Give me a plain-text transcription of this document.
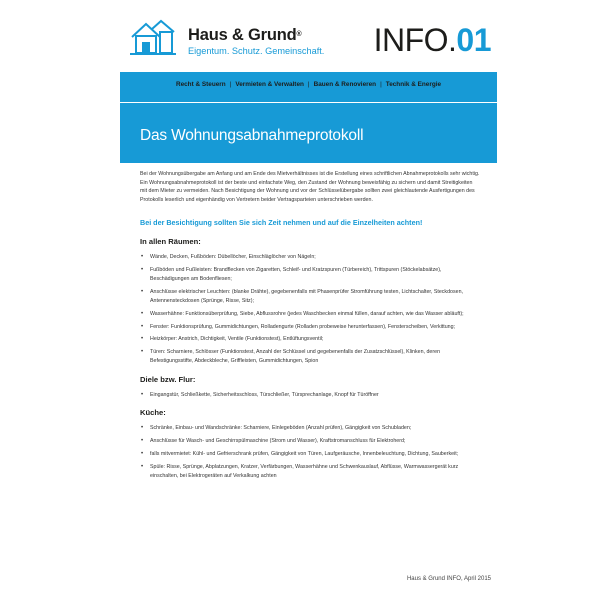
Haus & Grund®
Eigentum. Schutz. Gemeinschaft. INFO.01
Recht & Steuern | Vermieten & Verwalten | Bauen & Renovieren | Technik & Energie
Das Wohnungsabnahmeprotokoll

Bei der Wohnungsübergabe am Anfang und am Ende des Mietverhältnisses ist die Erstellung eines schriftlichen Abnahmeprotokolls sehr wichtig. Ein Wohnungsabnahmeprotokoll ist der beste und einfachste Weg, den Zustand der Wohnung beweisfähig zu sichern und damit Streitigkeiten mit dem Mieter zu vermeiden. Nach Besichtigung der Wohnung und vor der Schlüsselübergabe sollten zwei gleichlautende Ausfertigungen des Protokolls leserlich und eigenhändig von Vertretern beider Vertragsparteien unterschrieben werden.

Bei der Besichtigung sollten Sie sich Zeit nehmen und auf die Einzelheiten achten!

In allen Räumen:
• Wände, Decken, Fußböden: Dübellöcher, Einschläglöcher von Nägeln;
• Fußböden und Fußleisten: Brandflecken von Zigaretten, Schleif- und Kratzspuren (Türbereich), Trittspuren (Stöckelabsätze), Beschädigungen am Bodenfliesen;
• Anschlüsse elektrischer Leuchten: (blanke Drähte), gegebenenfalls mit Phasenprüfer Stromführung testen, Lichtschalter, Steckdosen, Antennensteckdosen (Sprünge, Risse, Sitz);
• Wasserhähne: Funktionsüberprüfung, Siebe, Abflussrohre (jedes Waschbecken einmal füllen, darauf achten, wie das Wasser abläuft);
• Fenster: Funktionsprüfung, Gummidichtungen, Rolladengurte (Rolladen probeweise herunterfassen), Fensterscheiben, Verkittung;
• Heizkörper: Anstrich, Dichtigkeit, Ventile (Funktionstest), Entlüftungsventil;
• Türen: Scharniere, Schlösser (Funktionstest, Anzahl der Schlüssel und gegebenenfalls der Zusatzschlüssel), Klinken, deren Befestigungsstifte, Abdeckbleche, Griffleisten, Gummidichtungen, Spion
Diele bzw. Flur:
• Eingangstür, Schließkette, Sicherheitsschloss, Türschließer, Türsprechanlage, Knopf für Türöffner
Küche:
• Schränke, Einbau- und Wandschränke: Scharniere, Einlegeböden (Anzahl prüfen), Gängigkeit von Schubladen;
• Anschlüsse für Wasch- und Geschirrspülmaschine (Strom und Wasser), Kraftstromanschluss für Elektroherd;
• falls mitvermietet: Kühl- und Gefrierschrank prüfen, Gängigkeit von Türen, Laufgeräusche, Innenbeleuchtung, Dichtung, Sauberkeit;
• Spüle: Risse, Sprünge, Abplatzungen, Kratzer, Verfärbungen, Wasserhähne und Schwenkauslauf, Abflüsse, Warmwassergerät kurz einschalten, bei Elektrogeräten auf Verkalkung achten
Haus & Grund INFO, April 2015
